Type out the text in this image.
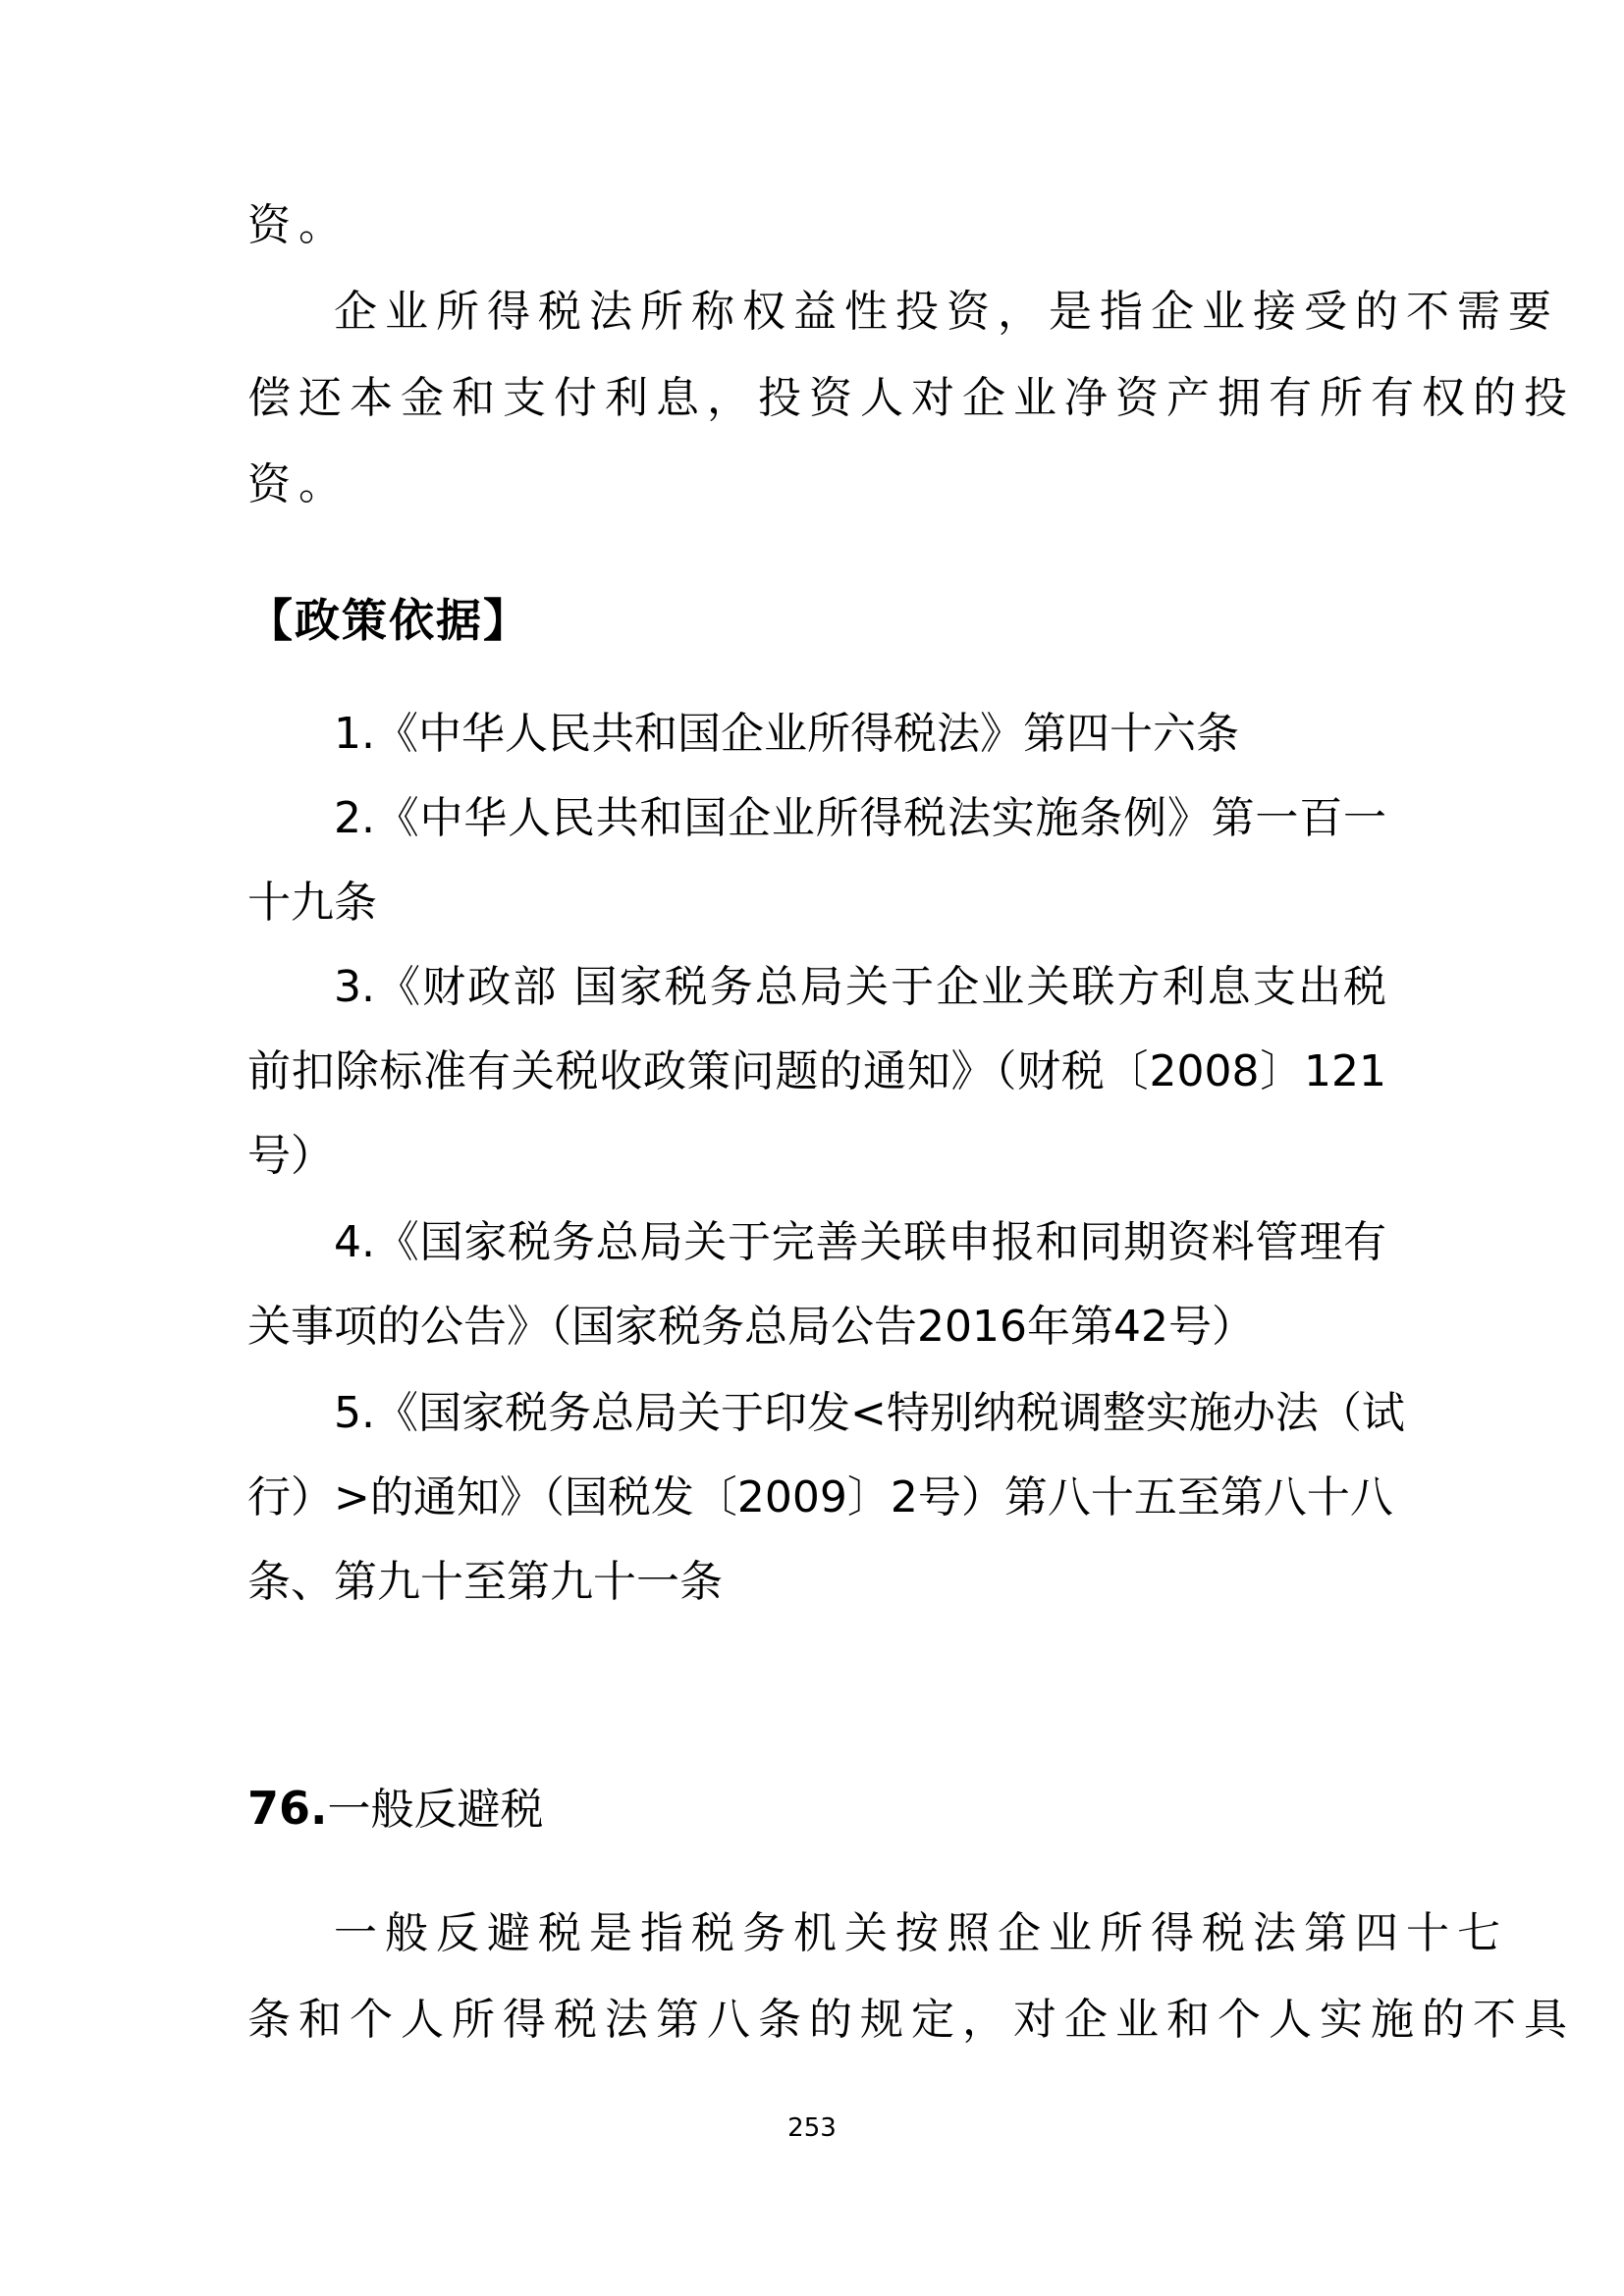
资。
企业所得税法所称权益性投资，是指企业接受的不需要
偿还本金和支付利息，投资人对企业净资产拥有所有权的投
资。
【政策依据】
1.《中华人民共和国企业所得税法》第四十六条
2.《中华人民共和国企业所得税法实施条例》第一百一
十九条
3.《财政部 国家税务总局关于企业关联方利息支出税
前扣除标准有关税收政策问题的通知》（财税〔2008〕121
号）
4.《国家税务总局关于完善关联申报和同期资料管理有
关事项的公告》（国家税务总局公告2016年第42号）
5.《国家税务总局关于印发<特别纳税调整实施办法（试
行）>的通知》（国税发〔2009〕2号）第八十五至第八十八
条、第九十至第九十一条
76.一般反避税
一般反避税是指税务机关按照企业所得税法第四十七
条和个人所得税法第八条的规定，对企业和个人实施的不具
253
